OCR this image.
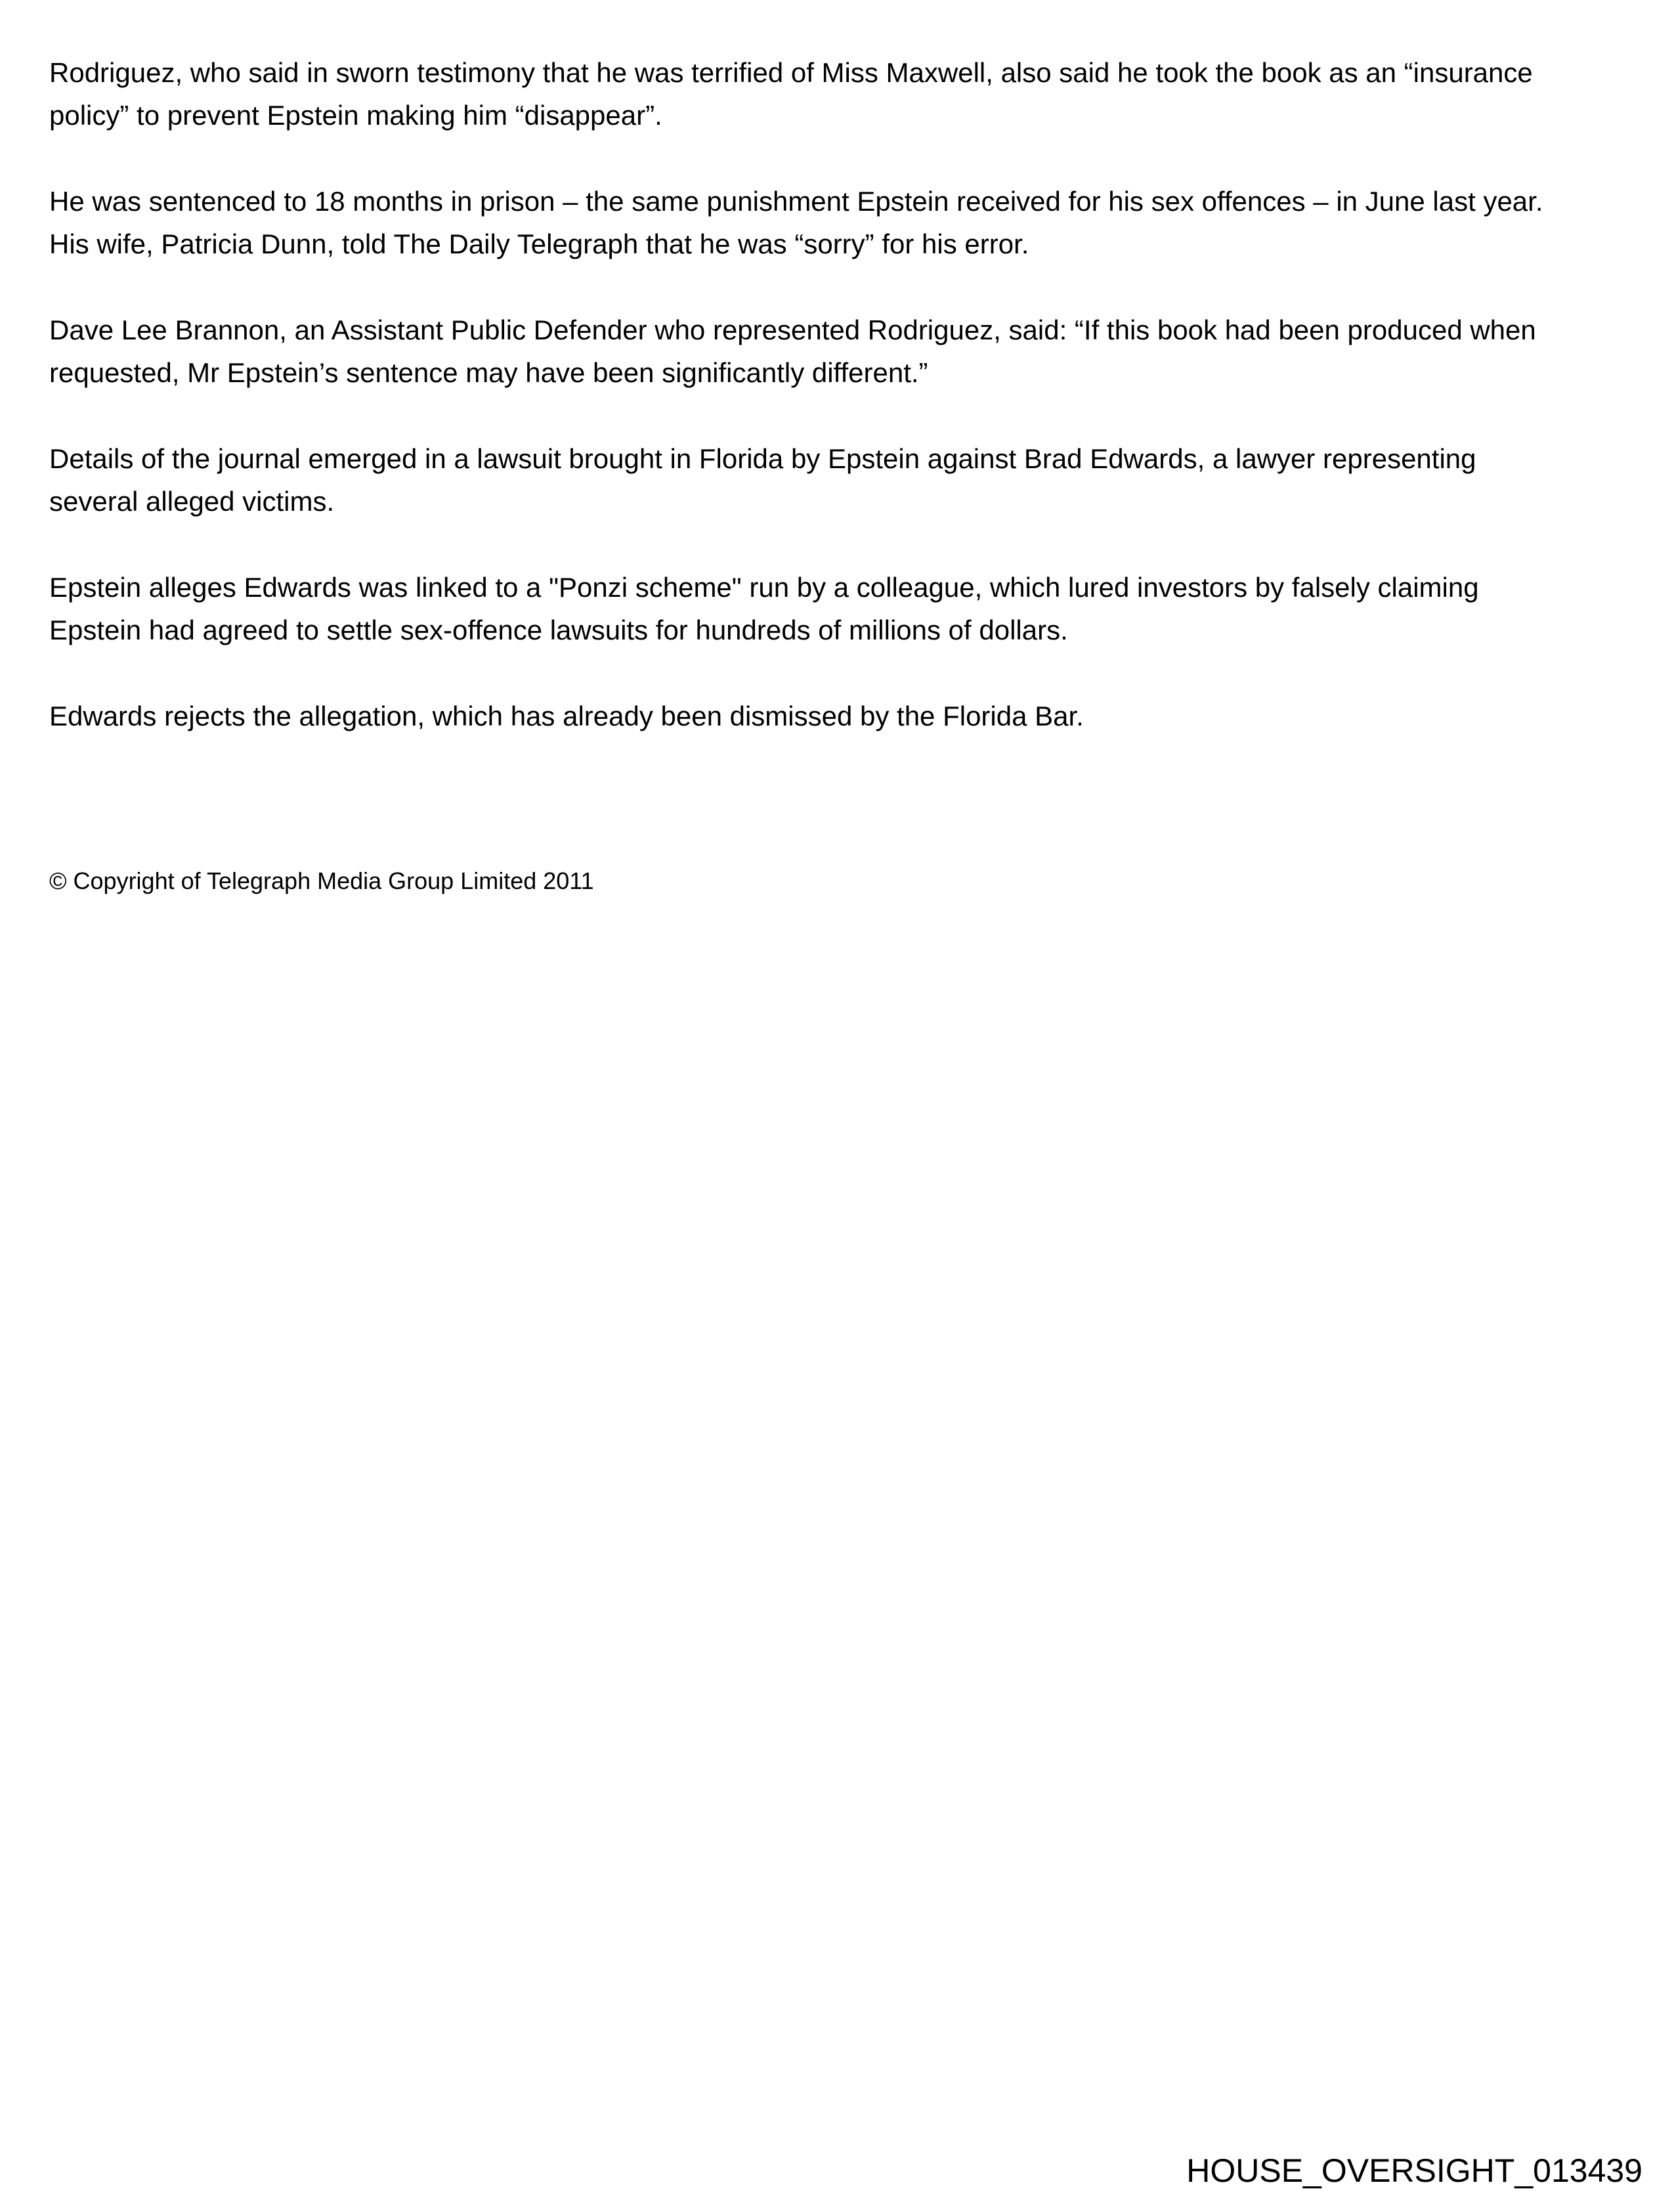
Rodriguez, who said in sworn testimony that he was terrified of Miss Maxwell, also said he took the book as an “insurance
policy” to prevent Epstein making him “disappear”.

He was sentenced to 18 months in prison – the same punishment Epstein received for his sex offences – in June last year.
His wife, Patricia Dunn, told The Daily Telegraph that he was “sorry” for his error.

Dave Lee Brannon, an Assistant Public Defender who represented Rodriguez, said: “If this book had been produced when
requested, Mr Epstein’s sentence may have been significantly different.”

Details of the journal emerged in a lawsuit brought in Florida by Epstein against Brad Edwards, a lawyer representing
several alleged victims.

Epstein alleges Edwards was linked to a "Ponzi scheme" run by a colleague, which lured investors by falsely claiming
Epstein had agreed to settle sex-offence lawsuits for hundreds of millions of dollars.

Edwards rejects the allegation, which has already been dismissed by the Florida Bar.

© Copyright of Telegraph Media Group Limited 2011

HOUSE_OVERSIGHT_013439
